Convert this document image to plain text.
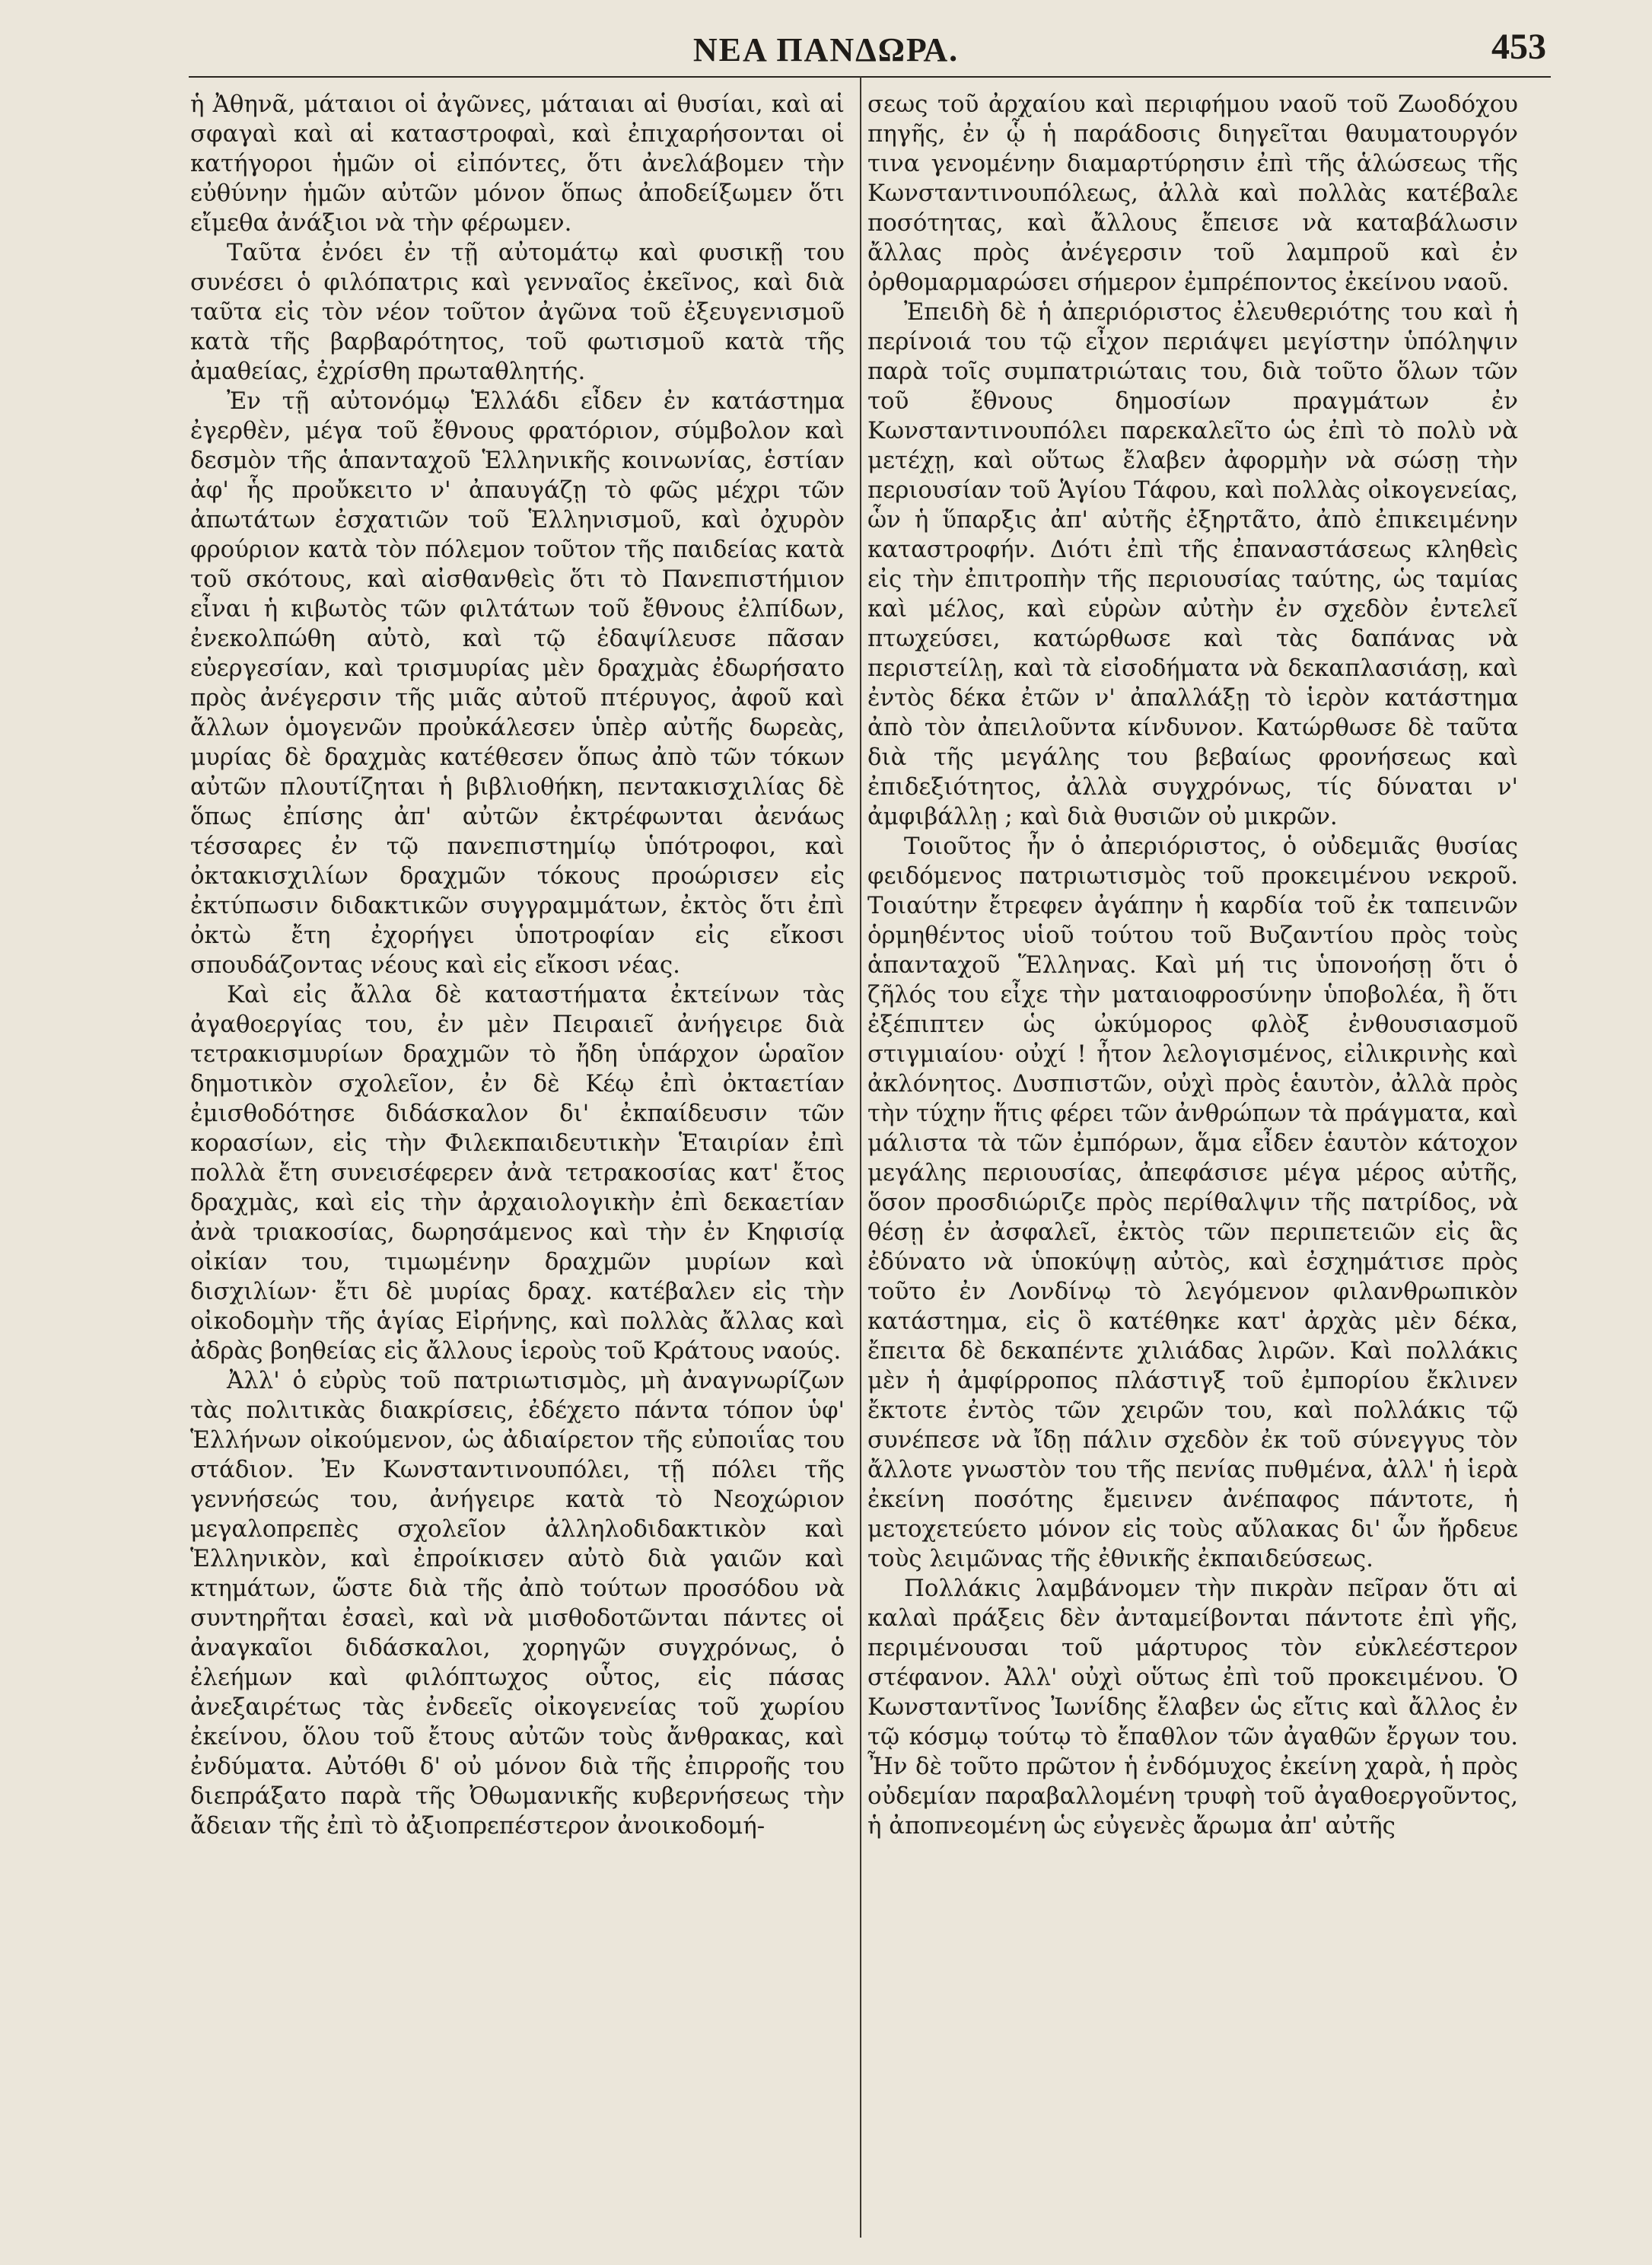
ΝΕΑ ΠΑΝΔΩΡΑ.	453

ἡ Ἀθηνᾶ, μάταιοι οἱ ἀγῶνες, μάταιαι αἱ θυσίαι, καὶ αἱ σφαγαὶ καὶ αἱ καταστροφαὶ, καὶ ἐπιχαρήσονται οἱ κατήγοροι ἡμῶν οἱ εἰπόντες, ὅτι ἀνελάβομεν τὴν εὐθύνην ἡμῶν αὐτῶν μόνον ὅπως ἀποδείξωμεν ὅτι εἴμεθα ἀνάξιοι νὰ τὴν φέρωμεν.

Ταῦτα ἐνόει ἐν τῇ αὐτομάτῳ καὶ φυσικῇ του συνέσει ὁ φιλόπατρις καὶ γενναῖος ἐκεῖνος, καὶ διὰ ταῦτα εἰς τὸν νέον τοῦτον ἀγῶνα τοῦ ἐξευγενισμοῦ κατὰ τῆς βαρβαρότητος, τοῦ φωτισμοῦ κατὰ τῆς ἀμαθείας, ἐχρίσθη πρωταθλητής.

Ἐν τῇ αὐτονόμῳ Ἑλλάδι εἶδεν ἐν κατάστημα ἐγερθὲν, μέγα τοῦ ἔθνους φρατόριον, σύμβολον καὶ δεσμὸν τῆς ἁπανταχοῦ Ἑλληνικῆς κοινωνίας, ἑστίαν ἀφ' ἧς προὔκειτο ν' ἀπαυγάζῃ τὸ φῶς μέχρι τῶν ἀπωτάτων ἐσχατιῶν τοῦ Ἑλληνισμοῦ, καὶ ὀχυρὸν φρούριον κατὰ τὸν πόλεμον τοῦτον τῆς παιδείας κατὰ τοῦ σκότους, καὶ αἰσθανθεὶς ὅτι τὸ Πανεπιστήμιον εἶναι ἡ κιβωτὸς τῶν φιλτάτων τοῦ ἔθνους ἐλπίδων, ἐνεκολπώθη αὐτὸ, καὶ τῷ ἐδαψίλευσε πᾶσαν εὐεργεσίαν, καὶ τρισμυρίας μὲν δραχμὰς ἐδωρήσατο πρὸς ἀνέγερσιν τῆς μιᾶς αὐτοῦ πτέρυγος, ἀφοῦ καὶ ἄλλων ὁμογενῶν προὐκάλεσεν ὑπὲρ αὐτῆς δωρεὰς, μυρίας δὲ δραχμὰς κατέθεσεν ὅπως ἀπὸ τῶν τόκων αὐτῶν πλουτίζηται ἡ βιβλιοθήκη, πεντακισχιλίας δὲ ὅπως ἐπίσης ἀπ' αὐτῶν ἐκτρέφωνται ἀενάως τέσσαρες ἐν τῷ πανεπιστημίῳ ὑπότροφοι, καὶ ὀκτακισχιλίων δραχμῶν τόκους προώρισεν εἰς ἐκτύπωσιν διδακτικῶν συγγραμμάτων, ἐκτὸς ὅτι ἐπὶ ὀκτὼ ἔτη ἐχορήγει ὑποτροφίαν εἰς εἴκοσι σπουδάζοντας νέους καὶ εἰς εἴκοσι νέας.

Καὶ εἰς ἄλλα δὲ καταστήματα ἐκτείνων τὰς ἀγαθοεργίας του, ἐν μὲν Πειραιεῖ ἀνήγειρε διὰ τετρακισμυρίων δραχμῶν τὸ ἤδη ὑπάρχον ὡραῖον δημοτικὸν σχολεῖον, ἐν δὲ Κέῳ ἐπὶ ὀκταετίαν ἐμισθοδότησε διδάσκαλον δι' ἐκπαίδευσιν τῶν κορασίων, εἰς τὴν Φιλεκπαιδευτικὴν Ἑταιρίαν ἐπὶ πολλὰ ἔτη συνεισέφερεν ἀνὰ τετρακοσίας κατ' ἔτος δραχμὰς, καὶ εἰς τὴν ἀρχαιολογικὴν ἐπὶ δεκαετίαν ἀνὰ τριακοσίας, δωρησάμενος καὶ τὴν ἐν Κηφισίᾳ οἰκίαν του, τιμωμένην δραχμῶν μυρίων καὶ δισχιλίων· ἔτι δὲ μυρίας δραχ. κατέβαλεν εἰς τὴν οἰκοδομὴν τῆς ἁγίας Εἰρήνης, καὶ πολλὰς ἄλλας καὶ ἀδρὰς βοηθείας εἰς ἄλλους ἱεροὺς τοῦ Κράτους ναούς.

Ἀλλ' ὁ εὐρὺς τοῦ πατριωτισμὸς, μὴ ἀναγνωρίζων τὰς πολιτικὰς διακρίσεις, ἐδέχετο πάντα τόπον ὑφ' Ἑλλήνων οἰκούμενον, ὡς ἀδιαίρετον τῆς εὐποιΐας του στάδιον. Ἐν Κωνσταντινουπόλει, τῇ πόλει τῆς γεννήσεώς του, ἀνήγειρε κατὰ τὸ Νεοχώριον μεγαλοπρεπὲς σχολεῖον ἀλληλοδιδακτικὸν καὶ Ἑλληνικὸν, καὶ ἐπροίκισεν αὐτὸ διὰ γαιῶν καὶ κτημάτων, ὥστε διὰ τῆς ἀπὸ τούτων προσόδου νὰ συντηρῆται ἐσαεὶ, καὶ νὰ μισθοδοτῶνται πάντες οἱ ἀναγκαῖοι διδάσκαλοι, χορηγῶν συγχρόνως, ὁ ἐλεήμων καὶ φιλόπτωχος οὗτος, εἰς πάσας ἀνεξαιρέτως τὰς ἐνδεεῖς οἰκογενείας τοῦ χωρίου ἐκείνου, ὅλου τοῦ ἔτους αὐτῶν τοὺς ἄνθρακας, καὶ ἐνδύματα. Αὐτόθι δ' οὐ μόνον διὰ τῆς ἐπιρροῆς του διεπράξατο παρὰ τῆς Ὀθωμανικῆς κυβερνήσεως τὴν ἄδειαν τῆς ἐπὶ τὸ ἀξιοπρεπέστερον ἀνοικοδομή-

σεως τοῦ ἀρχαίου καὶ περιφήμου ναοῦ τοῦ Ζωοδόχου πηγῆς, ἐν ᾧ ἡ παράδοσις διηγεῖται θαυματουργόν τινα γενομένην διαμαρτύρησιν ἐπὶ τῆς ἁλώσεως τῆς Κωνσταντινουπόλεως, ἀλλὰ καὶ πολλὰς κατέβαλε ποσότητας, καὶ ἄλλους ἔπεισε νὰ καταβάλωσιν ἄλλας πρὸς ἀνέγερσιν τοῦ λαμπροῦ καὶ ἐν ὀρθομαρμαρώσει σήμερον ἐμπρέποντος ἐκείνου ναοῦ.

Ἐπειδὴ δὲ ἡ ἀπεριόριστος ἐλευθεριότης του καὶ ἡ περίνοιά του τῷ εἶχον περιάψει μεγίστην ὑπόληψιν παρὰ τοῖς συμπατριώταις του, διὰ τοῦτο ὅλων τῶν τοῦ ἔθνους δημοσίων πραγμάτων ἐν Κωνσταντινουπόλει παρεκαλεῖτο ὡς ἐπὶ τὸ πολὺ νὰ μετέχῃ, καὶ οὕτως ἔλαβεν ἀφορμὴν νὰ σώσῃ τὴν περιουσίαν τοῦ Ἁγίου Τάφου, καὶ πολλὰς οἰκογενείας, ὧν ἡ ὕπαρξις ἀπ' αὐτῆς ἐξηρτᾶτο, ἀπὸ ἐπικειμένην καταστροφήν. Διότι ἐπὶ τῆς ἐπαναστάσεως κληθεὶς εἰς τὴν ἐπιτροπὴν τῆς περιουσίας ταύτης, ὡς ταμίας καὶ μέλος, καὶ εὑρὼν αὐτὴν ἐν σχεδὸν ἐντελεῖ πτωχεύσει, κατώρθωσε καὶ τὰς δαπάνας νὰ περιστείλῃ, καὶ τὰ εἰσοδήματα νὰ δεκαπλασιάσῃ, καὶ ἐντὸς δέκα ἐτῶν ν' ἀπαλλάξῃ τὸ ἱερὸν κατάστημα ἀπὸ τὸν ἀπειλοῦντα κίνδυνον. Κατώρθωσε δὲ ταῦτα διὰ τῆς μεγάλης του βεβαίως φρονήσεως καὶ ἐπιδεξιότητος, ἀλλὰ συγχρόνως, τίς δύναται ν' ἀμφιβάλλῃ ; καὶ διὰ θυσιῶν οὐ μικρῶν.

Τοιοῦτος ἦν ὁ ἀπεριόριστος, ὁ οὐδεμιᾶς θυσίας φειδόμενος πατριωτισμὸς τοῦ προκειμένου νεκροῦ. Τοιαύτην ἔτρεφεν ἀγάπην ἡ καρδία τοῦ ἐκ ταπεινῶν ὁρμηθέντος υἱοῦ τούτου τοῦ Βυζαντίου πρὸς τοὺς ἁπανταχοῦ Ἕλληνας. Καὶ μή τις ὑπονοήσῃ ὅτι ὁ ζῆλός του εἶχε τὴν ματαιοφροσύνην ὑποβολέα, ἢ ὅτι ἐξέπιπτεν ὡς ὠκύμορος φλὸξ ἐνθουσιασμοῦ στιγμιαίου· οὐχί ! ἦτον λελογισμένος, εἰλικρινὴς καὶ ἀκλόνητος. Δυσπιστῶν, οὐχὶ πρὸς ἑαυτὸν, ἀλλὰ πρὸς τὴν τύχην ἥτις φέρει τῶν ἀνθρώπων τὰ πράγματα, καὶ μάλιστα τὰ τῶν ἐμπόρων, ἅμα εἶδεν ἑαυτὸν κάτοχον μεγάλης περιουσίας, ἀπεφάσισε μέγα μέρος αὐτῆς, ὅσον προσδιώριζε πρὸς περίθαλψιν τῆς πατρίδος, νὰ θέσῃ ἐν ἀσφαλεῖ, ἐκτὸς τῶν περιπετειῶν εἰς ἃς ἐδύνατο νὰ ὑποκύψῃ αὐτὸς, καὶ ἐσχημάτισε πρὸς τοῦτο ἐν Λονδίνῳ τὸ λεγόμενον φιλανθρωπικὸν κατάστημα, εἰς ὃ κατέθηκε κατ' ἀρχὰς μὲν δέκα, ἔπειτα δὲ δεκαπέντε χιλιάδας λιρῶν. Καὶ πολλάκις μὲν ἡ ἀμφίρροπος πλάστιγξ τοῦ ἐμπορίου ἔκλινεν ἔκτοτε ἐντὸς τῶν χειρῶν του, καὶ πολλάκις τῷ συνέπεσε νὰ ἴδῃ πάλιν σχεδὸν ἐκ τοῦ σύνεγγυς τὸν ἄλλοτε γνωστὸν του τῆς πενίας πυθμένα, ἀλλ' ἡ ἱερὰ ἐκείνη ποσότης ἔμεινεν ἀνέπαφος πάντοτε, ἡ μετοχετεύετο μόνον εἰς τοὺς αὔλακας δι' ὧν ἤρδευε τοὺς λειμῶνας τῆς ἐθνικῆς ἐκπαιδεύσεως.

Πολλάκις λαμβάνομεν τὴν πικρὰν πεῖραν ὅτι αἱ καλαὶ πράξεις δὲν ἀνταμείβονται πάντοτε ἐπὶ γῆς, περιμένουσαι τοῦ μάρτυρος τὸν εὐκλεέστερον στέφανον. Ἀλλ' οὐχὶ οὕτως ἐπὶ τοῦ προκειμένου. Ὁ Κωνσταντῖνος Ἰωνίδης ἔλαβεν ὡς εἴτις καὶ ἄλλος ἐν τῷ κόσμῳ τούτῳ τὸ ἔπαθλον τῶν ἀγαθῶν ἔργων του. Ἦν δὲ τοῦτο πρῶτον ἡ ἐνδόμυχος ἐκείνη χαρὰ, ἡ πρὸς οὐδεμίαν παραβαλλομένη τρυφὴ τοῦ ἀγαθοεργοῦντος, ἡ ἀποπνεομένη ὡς εὐγενὲς ἄρωμα ἀπ' αὐτῆς
